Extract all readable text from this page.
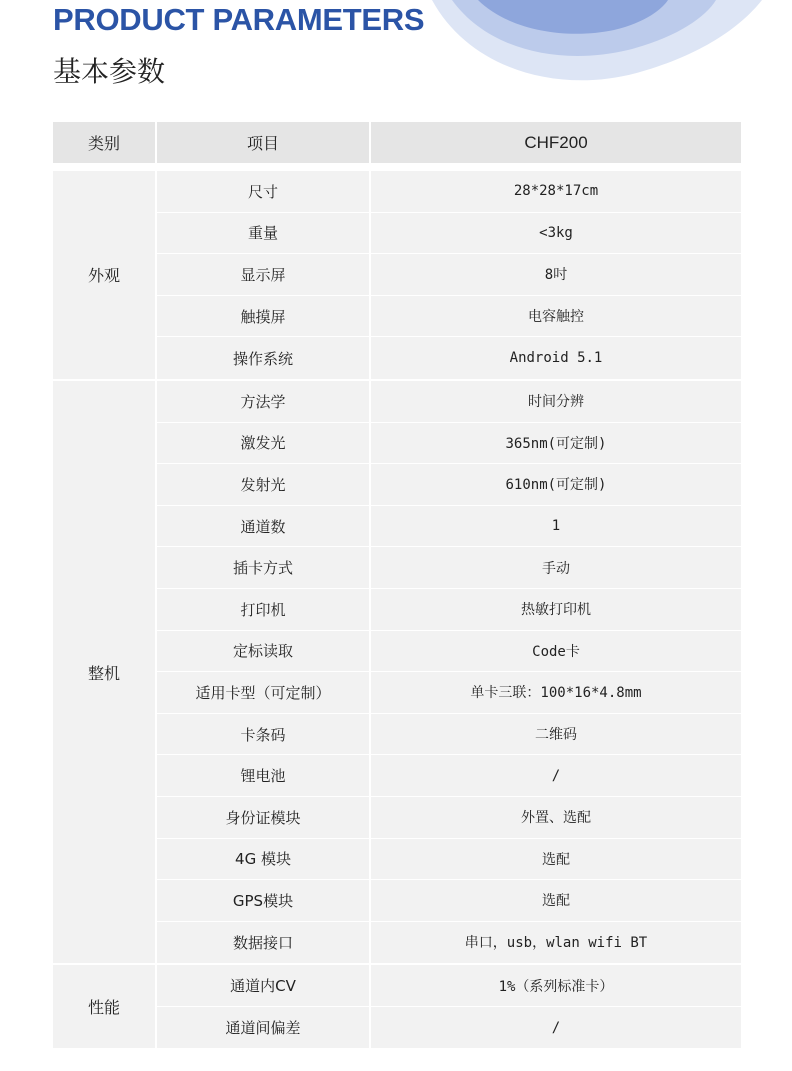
PRODUCT PARAMETERS
基本参数
类别	项目	CHF200
外观
尺寸	28*28*17cm
重量	<3kg
显示屏	8吋
触摸屏	电容触控
操作系统	Android 5.1
整机
方法学	时间分辨
激发光	365nm(可定制)
发射光	610nm(可定制)
通道数	1
插卡方式	手动
打印机	热敏打印机
定标读取	Code卡
适用卡型（可定制）	单卡三联：100*16*4.8mm
卡条码	二维码
锂电池	/
身份证模块	外置、选配
4G 模块	选配
GPS模块	选配
数据接口	串口，usb，wlan wifi BT
性能
通道内CV	1%（系列标准卡）
通道间偏差	/
